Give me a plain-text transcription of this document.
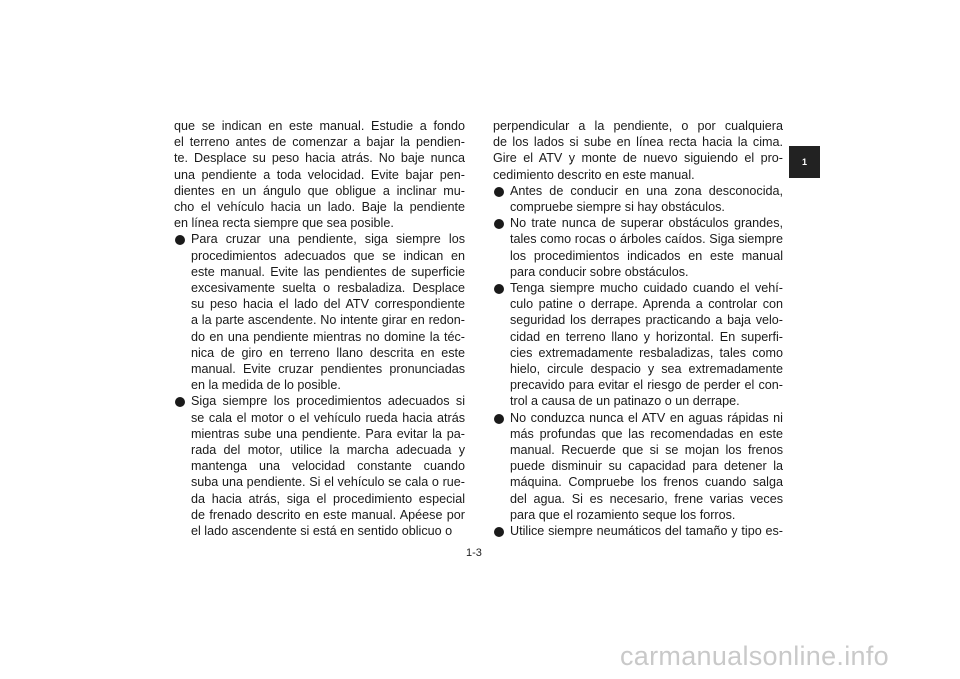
que se indican en este manual. Estudie a fondo
el terreno antes de comenzar a bajar la pendien-
te. Desplace su peso hacia atrás. No baje nunca
una pendiente a toda velocidad. Evite bajar pen-
dientes en un ángulo que obligue a inclinar mu-
cho el vehículo hacia un lado. Baje la pendiente
en línea recta siempre que sea posible.
Para cruzar una pendiente, siga siempre los
procedimientos adecuados que se indican en
este manual. Evite las pendientes de superficie
excesivamente suelta o resbaladiza. Desplace
su peso hacia el lado del ATV correspondiente
a la parte ascendente. No intente girar en redon-
do en una pendiente mientras no domine la téc-
nica de giro en terreno llano descrita en este
manual. Evite cruzar pendientes pronunciadas
en la medida de lo posible.
Siga siempre los procedimientos adecuados si
se cala el motor o el vehículo rueda hacia atrás
mientras sube una pendiente. Para evitar la pa-
rada del motor, utilice la marcha adecuada y
mantenga una velocidad constante cuando
suba una pendiente. Si el vehículo se cala o rue-
da hacia atrás, siga el procedimiento especial
de frenado descrito en este manual. Apéese por
el lado ascendente si está en sentido oblicuo o
perpendicular a la pendiente, o por cualquiera
de los lados si sube en línea recta hacia la cima.
Gire el ATV y monte de nuevo siguiendo el pro-
cedimiento descrito en este manual.
Antes de conducir en una zona desconocida,
compruebe siempre si hay obstáculos.
No trate nunca de superar obstáculos grandes,
tales como rocas o árboles caídos. Siga siempre
los procedimientos indicados en este manual
para conducir sobre obstáculos.
Tenga siempre mucho cuidado cuando el vehí-
culo patine o derrape. Aprenda a controlar con
seguridad los derrapes practicando a baja velo-
cidad en terreno llano y horizontal. En superfi-
cies extremadamente resbaladizas, tales como
hielo, circule despacio y sea extremadamente
precavido para evitar el riesgo de perder el con-
trol a causa de un patinazo o un derrape.
No conduzca nunca el ATV en aguas rápidas ni
más profundas que las recomendadas en este
manual. Recuerde que si se mojan los frenos
puede disminuir su capacidad para detener la
máquina. Compruebe los frenos cuando salga
del agua. Si es necesario, frene varias veces
para que el rozamiento seque los forros.
Utilice siempre neumáticos del tamaño y tipo es-
1
1-3
carmanualsonline.info
